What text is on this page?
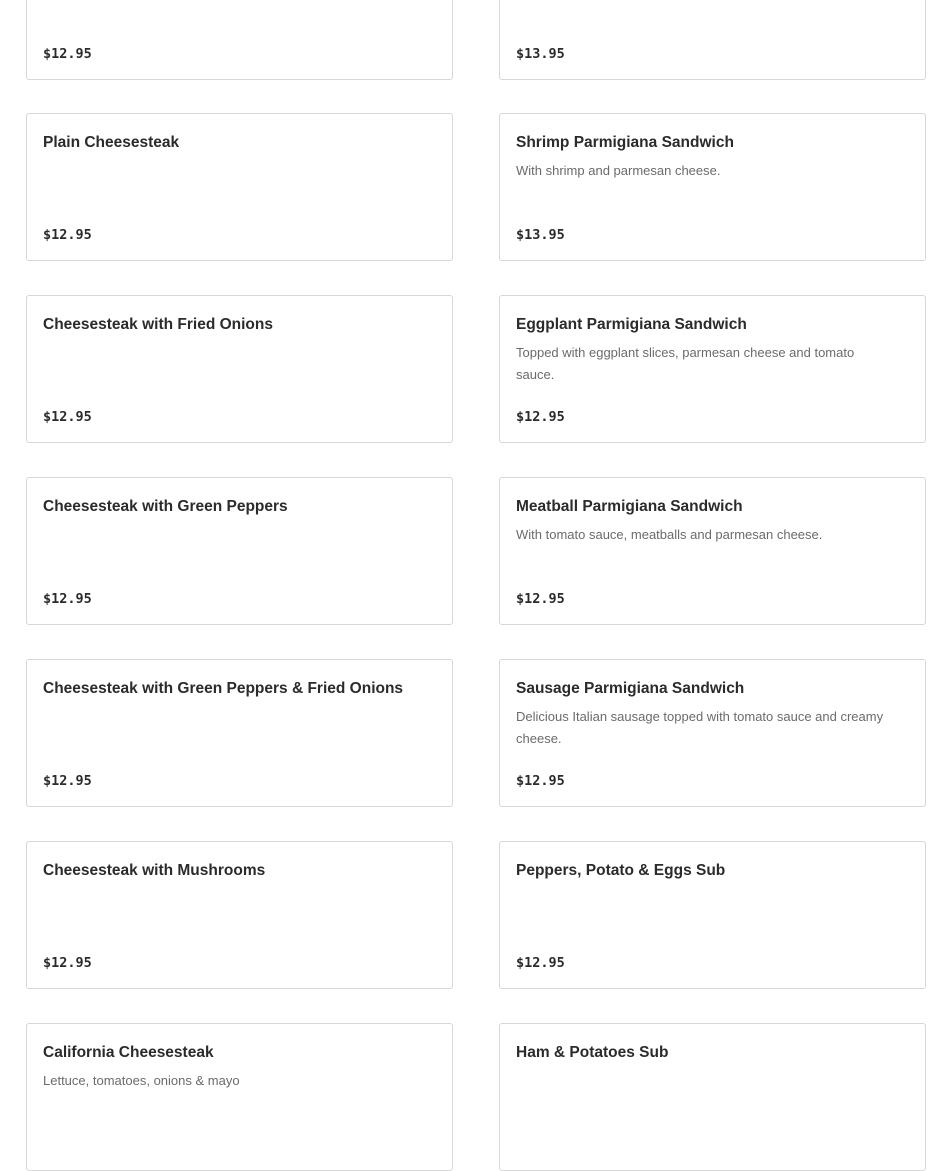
$12.95	$13.95
Plain Cheesesteak
$12.95
Shrimp Parmigiana Sandwich
With shrimp and parmesan cheese.
$13.95
Cheesesteak with Fried Onions
$12.95
Eggplant Parmigiana Sandwich
Topped with eggplant slices, parmesan cheese and tomato sauce.
$12.95
Cheesesteak with Green Peppers
$12.95
Meatball Parmigiana Sandwich
With tomato sauce, meatballs and parmesan cheese.
$12.95
Cheesesteak with Green Peppers & Fried Onions
$12.95
Sausage Parmigiana Sandwich
Delicious Italian sausage topped with tomato sauce and creamy cheese.
$12.95
Cheesesteak with Mushrooms
$12.95
Peppers, Potato & Eggs Sub
$12.95
California Cheesesteak
Lettuce, tomatoes, onions & mayo
Ham & Potatoes Sub
